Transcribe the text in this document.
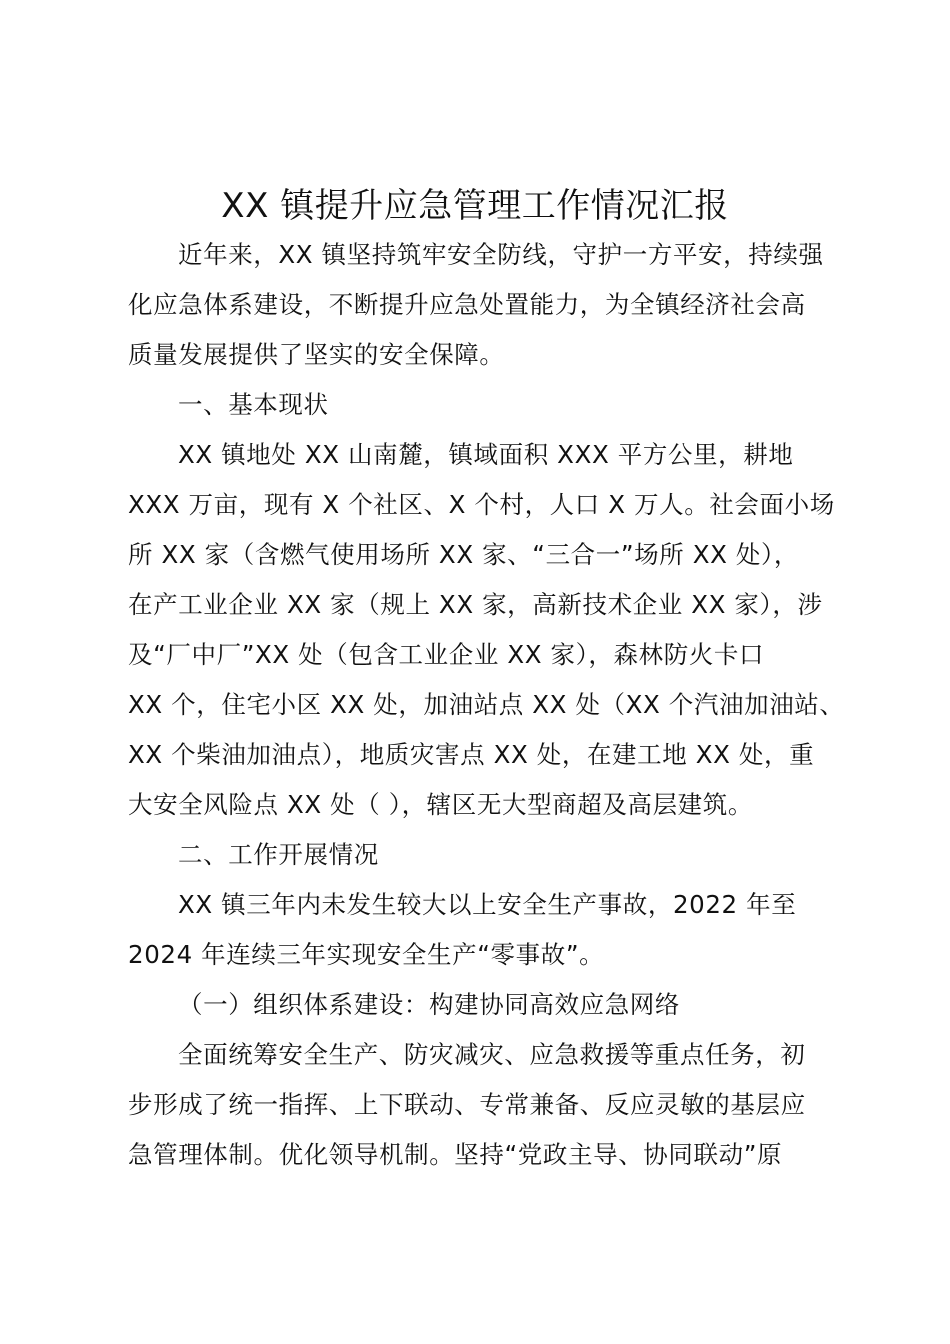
XX 镇提升应急管理工作情况汇报
近年来，XX 镇坚持筑牢安全防线，守护一方平安，持续强
化应急体系建设，不断提升应急处置能力，为全镇经济社会高
质量发展提供了坚实的安全保障。
一、基本现状
XX 镇地处 XX 山南麓，镇域面积 XXX 平方公里，耕地
XXX 万亩，现有 X 个社区、X 个村，人口 X 万人。社会面小场
所 XX 家（含燃气使用场所 XX 家、“三合一”场所 XX 处），
在产工业企业 XX 家（规上 XX 家，高新技术企业 XX 家），涉
及“厂中厂”XX 处（包含工业企业 XX 家），森林防火卡口
XX 个，住宅小区 XX 处，加油站点 XX 处（XX 个汽油加油站、
XX 个柴油加油点），地质灾害点 XX 处，在建工地 XX 处，重
大安全风险点 XX 处（ ），辖区无大型商超及高层建筑。
二、工作开展情况
XX 镇三年内未发生较大以上安全生产事故，2022 年至
2024 年连续三年实现安全生产“零事故”。
（一）组织体系建设：构建协同高效应急网络
全面统筹安全生产、防灾减灾、应急救援等重点任务，初
步形成了统一指挥、上下联动、专常兼备、反应灵敏的基层应
急管理体制。优化领导机制。坚持“党政主导、协同联动”原
